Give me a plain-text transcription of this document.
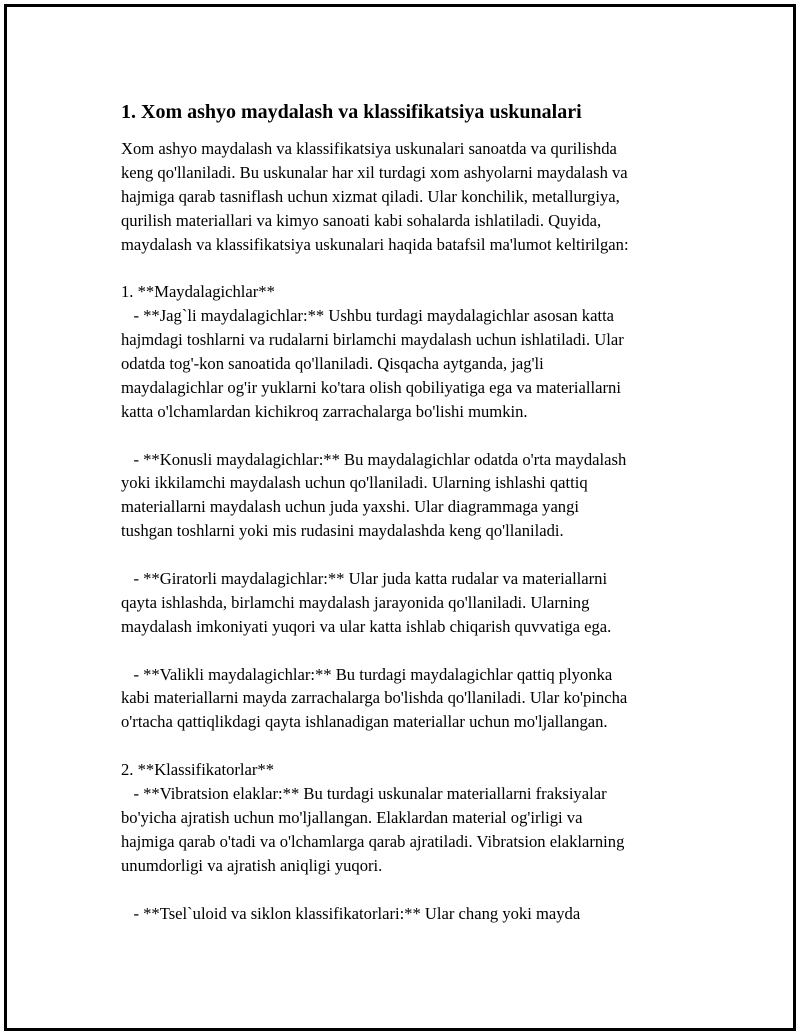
1. Xom ashyo maydalash va klassifikatsiya uskunalari
Xom ashyo maydalash va klassifikatsiya uskunalari sanoatda va qurilishda
keng qo'llaniladi. Bu uskunalar har xil turdagi xom ashyolarni maydalash va
hajmiga qarab tasniflash uchun xizmat qiladi. Ular konchilik, metallurgiya,
qurilish materiallari va kimyo sanoati kabi sohalarda ishlatiladi. Quyida,
maydalash va klassifikatsiya uskunalari haqida batafsil ma'lumot keltirilgan:
1. **Maydalagichlar**
- **Jag`li maydalagichlar:** Ushbu turdagi maydalagichlar asosan katta
hajmdagi toshlarni va rudalarni birlamchi maydalash uchun ishlatiladi. Ular
odatda tog'-kon sanoatida qo'llaniladi. Qisqacha aytganda, jag'li
maydalagichlar og'ir yuklarni ko'tara olish qobiliyatiga ega va materiallarni
katta o'lchamlardan kichikroq zarrachalarga bo'lishi mumkin.
- **Konusli maydalagichlar:** Bu maydalagichlar odatda o'rta maydalash
yoki ikkilamchi maydalash uchun qo'llaniladi. Ularning ishlashi qattiq
materiallarni maydalash uchun juda yaxshi. Ular diagrammaga yangi
tushgan toshlarni yoki mis rudasini maydalashda keng qo'llaniladi.
- **Giratorli maydalagichlar:** Ular juda katta rudalar va materiallarni
qayta ishlashda, birlamchi maydalash jarayonida qo'llaniladi. Ularning
maydalash imkoniyati yuqori va ular katta ishlab chiqarish quvvatiga ega.
- **Valikli maydalagichlar:** Bu turdagi maydalagichlar qattiq plyonka
kabi materiallarni mayda zarrachalarga bo'lishda qo'llaniladi. Ular ko'pincha
o'rtacha qattiqlikdagi qayta ishlanadigan materiallar uchun mo'ljallangan.
2. **Klassifikatorlar**
- **Vibratsion elaklar:** Bu turdagi uskunalar materiallarni fraksiyalar
bo'yicha ajratish uchun mo'ljallangan. Elaklardan material og'irligi va
hajmiga qarab o'tadi va o'lchamlarga qarab ajratiladi. Vibratsion elaklarning
unumdorligi va ajratish aniqligi yuqori.
- **Tsel`uloid va siklon klassifikatorlari:** Ular chang yoki mayda
